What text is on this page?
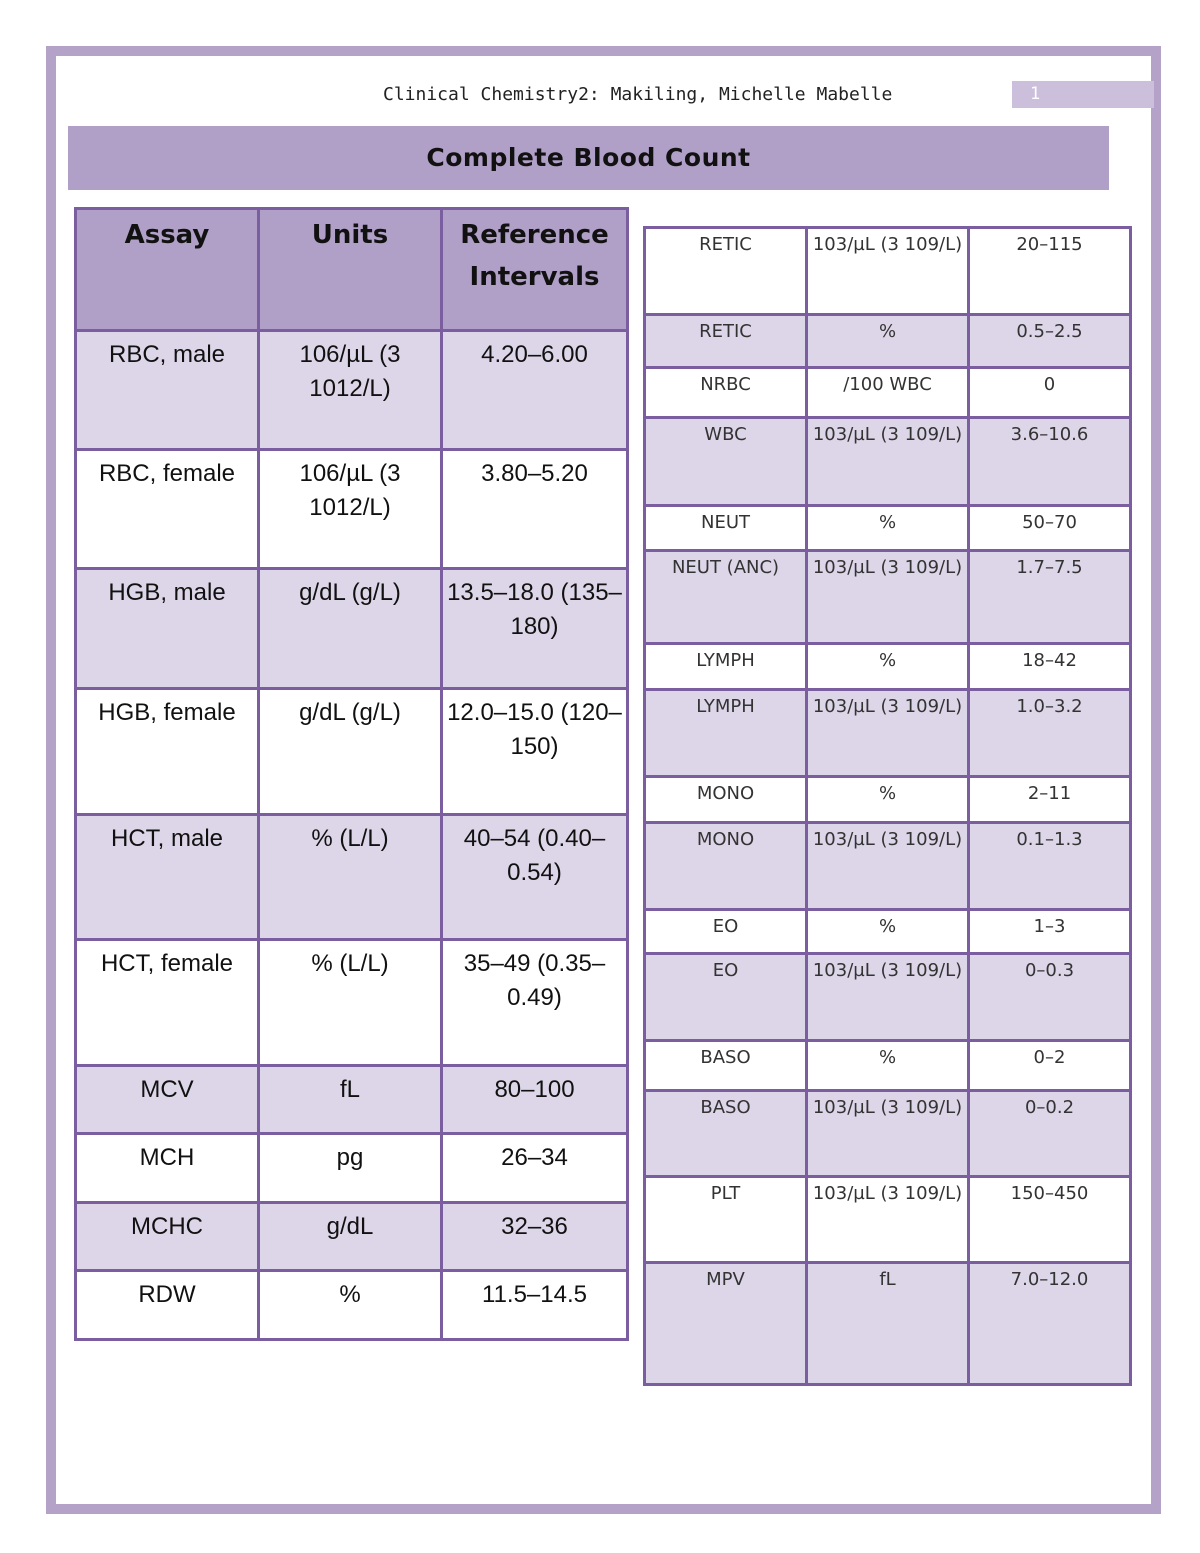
Clinical Chemistry2: Makiling, Michelle Mabelle	1
Complete Blood Count
Assay	Units	Reference Intervals
RBC, male	106/µL (3 1012/L)	4.20–6.00
RBC, female	106/µL (3 1012/L)	3.80–5.20
HGB, male	g/dL (g/L)	13.5–18.0 (135–180)
HGB, female	g/dL (g/L)	12.0–15.0 (120–150)
HCT, male	% (L/L)	40–54 (0.40–0.54)
HCT, female	% (L/L)	35–49 (0.35–0.49)
MCV	fL	80–100
MCH	pg	26–34
MCHC	g/dL	32–36
RDW	%	11.5–14.5
RETIC	103/µL (3 109/L)	20–115
RETIC	%	0.5–2.5
NRBC	/100 WBC	0
WBC	103/µL (3 109/L)	3.6–10.6
NEUT	%	50–70
NEUT (ANC)	103/µL (3 109/L)	1.7–7.5
LYMPH	%	18–42
LYMPH	103/µL (3 109/L)	1.0–3.2
MONO	%	2–11
MONO	103/µL (3 109/L)	0.1–1.3
EO	%	1–3
EO	103/µL (3 109/L)	0–0.3
BASO	%	0–2
BASO	103/µL (3 109/L)	0–0.2
PLT	103/µL (3 109/L)	150–450
MPV	fL	7.0–12.0
